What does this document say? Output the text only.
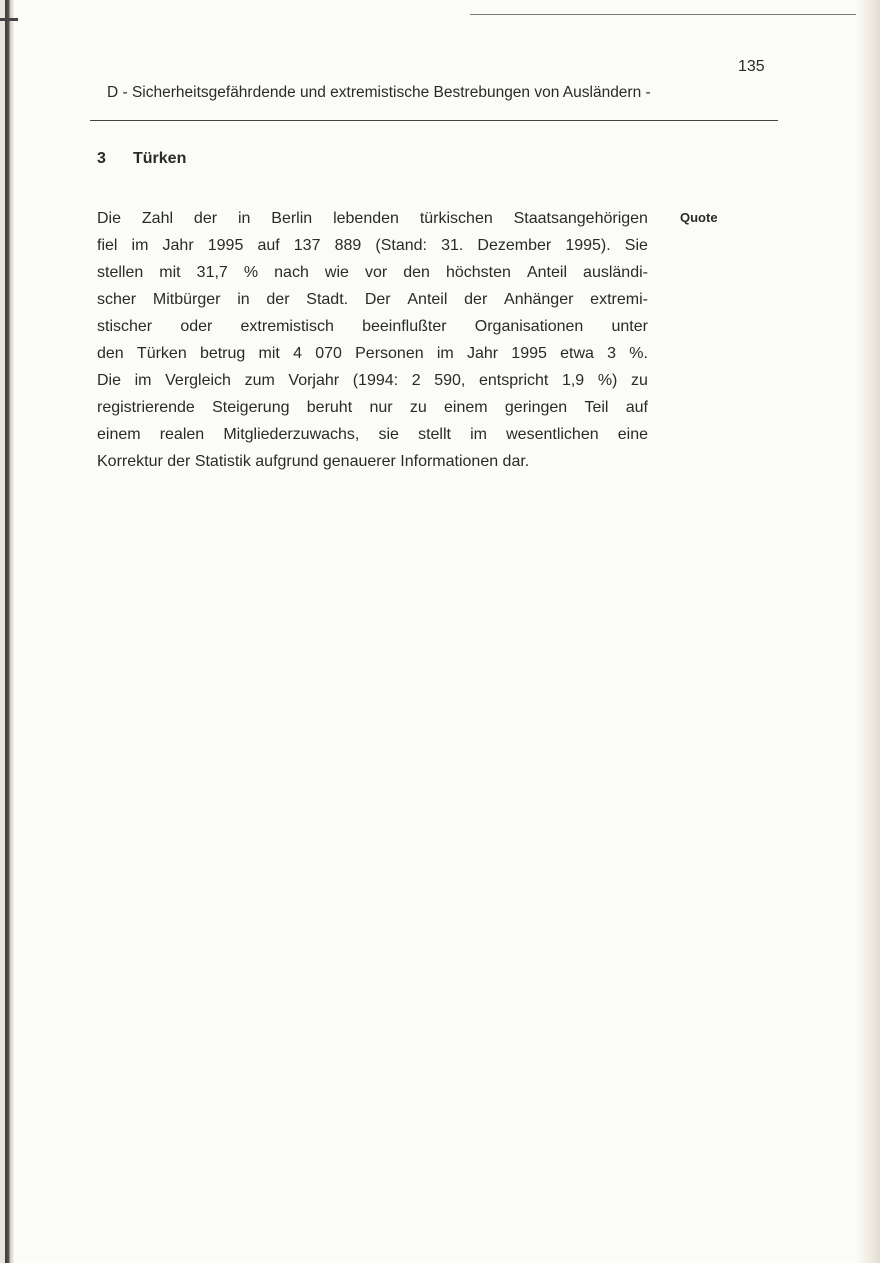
135
D - Sicherheitsgefährdende und extremistische Bestrebungen von Ausländern -
3 Türken
Quote
Die Zahl der in Berlin lebenden türkischen Staatsangehörigen
fiel im Jahr 1995 auf 137 889 (Stand: 31. Dezember 1995). Sie
stellen mit 31,7 % nach wie vor den höchsten Anteil ausländi-
scher Mitbürger in der Stadt. Der Anteil der Anhänger extremi-
stischer oder extremistisch beeinflußter Organisationen unter
den Türken betrug mit 4 070 Personen im Jahr 1995 etwa 3 %.
Die im Vergleich zum Vorjahr (1994: 2 590, entspricht 1,9 %) zu
registrierende Steigerung beruht nur zu einem geringen Teil auf
einem realen Mitgliederzuwachs, sie stellt im wesentlichen eine
Korrektur der Statistik aufgrund genauerer Informationen dar.
